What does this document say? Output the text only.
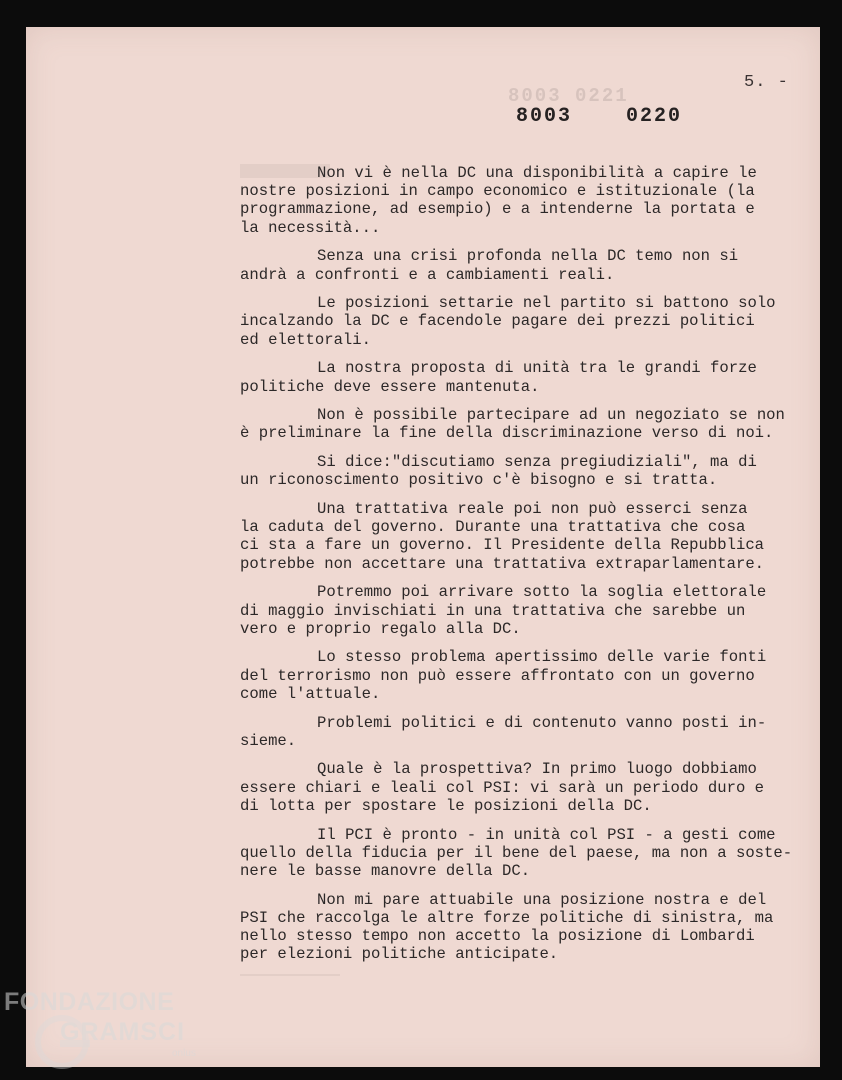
8003 0221
5. -
8003	0220
Non vi è nella DC una disponibilità a capire le
nostre posizioni in campo economico e istituzionale (la
programmazione, ad esempio) e a intenderne la portata e
la necessità...
Senza una crisi profonda nella DC temo non si
andrà a confronti e a cambiamenti reali.
Le posizioni settarie nel partito si battono solo
incalzando la DC e facendole pagare dei prezzi politici
ed elettorali.
La nostra proposta di unità tra le grandi forze
politiche deve essere mantenuta.
Non è possibile partecipare ad un negoziato se non
è preliminare la fine della discriminazione verso di noi.
Si dice:"discutiamo senza pregiudiziali", ma di
un riconoscimento positivo c'è bisogno e si tratta.
Una trattativa reale poi non può esserci senza
la caduta del governo. Durante una trattativa che cosa
ci sta a fare un governo. Il Presidente della Repubblica
potrebbe non accettare una trattativa extraparlamentare.
Potremmo poi arrivare sotto la soglia elettorale
di maggio invischiati in una trattativa che sarebbe un
vero e proprio regalo alla DC.
Lo stesso problema apertissimo delle varie fonti
del terrorismo non può essere affrontato con un governo
come l'attuale.
Problemi politici e di contenuto vanno posti in-
sieme.
Quale è la prospettiva? In primo luogo dobbiamo
essere chiari e leali col PSI: vi sarà un periodo duro e
di lotta per spostare le posizioni della DC.
Il PCI è pronto - in unità col PSI - a gesti come
quello della fiducia per il bene del paese, ma non a soste-
nere le basse manovre della DC.
Non mi pare attuabile una posizione nostra e del
PSI che raccolga le altre forze politiche di sinistra, ma
nello stesso tempo non accetto la posizione di Lombardi
per elezioni politiche anticipate.
FONDAZIONE
GRAMSCI
onlus
